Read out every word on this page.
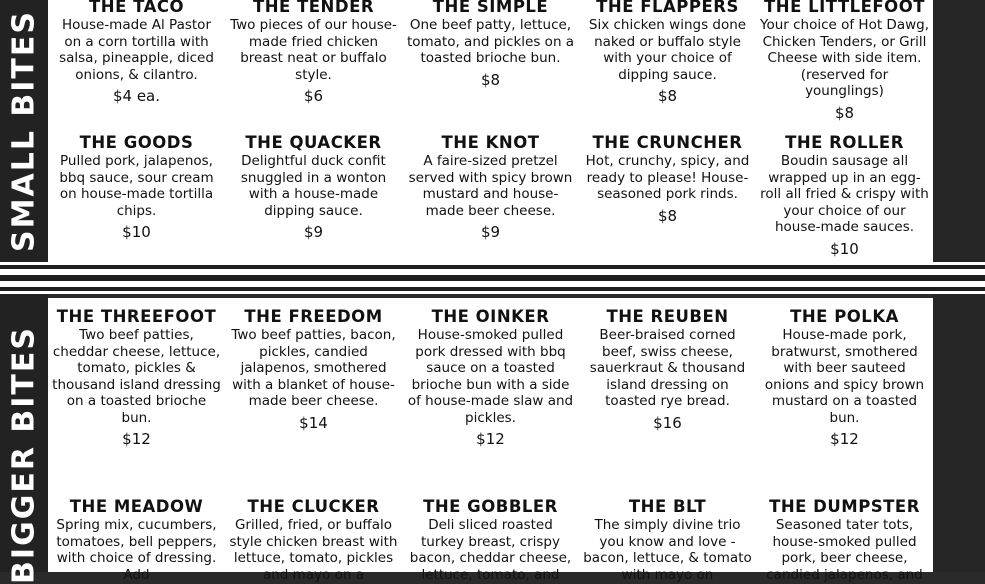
SMALL BITES
THE TACO
House-made Al Pastor on a corn tortilla with salsa, pineapple, diced onions, & cilantro.
$4 ea.
THE TENDER
Two pieces of our house-made fried chicken breast neat or buffalo style.
$6
THE SIMPLE
One beef patty, lettuce, tomato, and pickles on a toasted brioche bun.
$8
THE FLAPPERS
Six chicken wings done naked or buffalo style with your choice of dipping sauce.
$8
THE LITTLEFOOT
Your choice of Hot Dawg, Chicken Tenders, or Grill Cheese with side item. (reserved for younglings)
$8
THE GOODS
Pulled pork, jalapenos, bbq sauce, sour cream on house-made tortilla chips.
$10
THE QUACKER
Delightful duck confit snuggled in a wonton with a house-made dipping sauce.
$9
THE KNOT
A faire-sized pretzel served with spicy brown mustard and house-made beer cheese.
$9
THE CRUNCHER
Hot, crunchy, spicy, and ready to please! House-seasoned pork rinds.
$8
THE ROLLER
Boudin sausage all wrapped up in an egg-roll all fried & crispy with your choice of our house-made sauces.
$10
BIGGER BITES
THE THREEFOOT
Two beef patties, cheddar cheese, lettuce, tomato, pickles & thousand island dressing on a toasted brioche bun.
$12
THE FREEDOM
Two beef patties, bacon, pickles, candied jalapenos, smothered with a blanket of house-made beer cheese.
$14
THE OINKER
House-smoked pulled pork dressed with bbq sauce on a toasted brioche bun with a side of house-made slaw and pickles.
$12
THE REUBEN
Beer-braised corned beef, swiss cheese, sauerkraut & thousand island dressing on toasted rye bread.
$16
THE POLKA
House-made pork, bratwurst, smothered with beer sauteed onions and spicy brown mustard on a toasted bun.
$12
THE MEADOW
Spring mix, cucumbers, tomatoes, bell peppers, with choice of dressing. Add
THE CLUCKER
Grilled, fried, or buffalo style chicken breast with lettuce, tomato, pickles and mayo on a
THE GOBBLER
Deli sliced roasted turkey breast, crispy bacon, cheddar cheese, lettuce, tomato, and
THE BLT
The simply divine trio you know and love - bacon, lettuce, & tomato with mayo on
THE DUMPSTER
Seasoned tater tots, house-smoked pulled pork, beer cheese, candied jalapenos, and
